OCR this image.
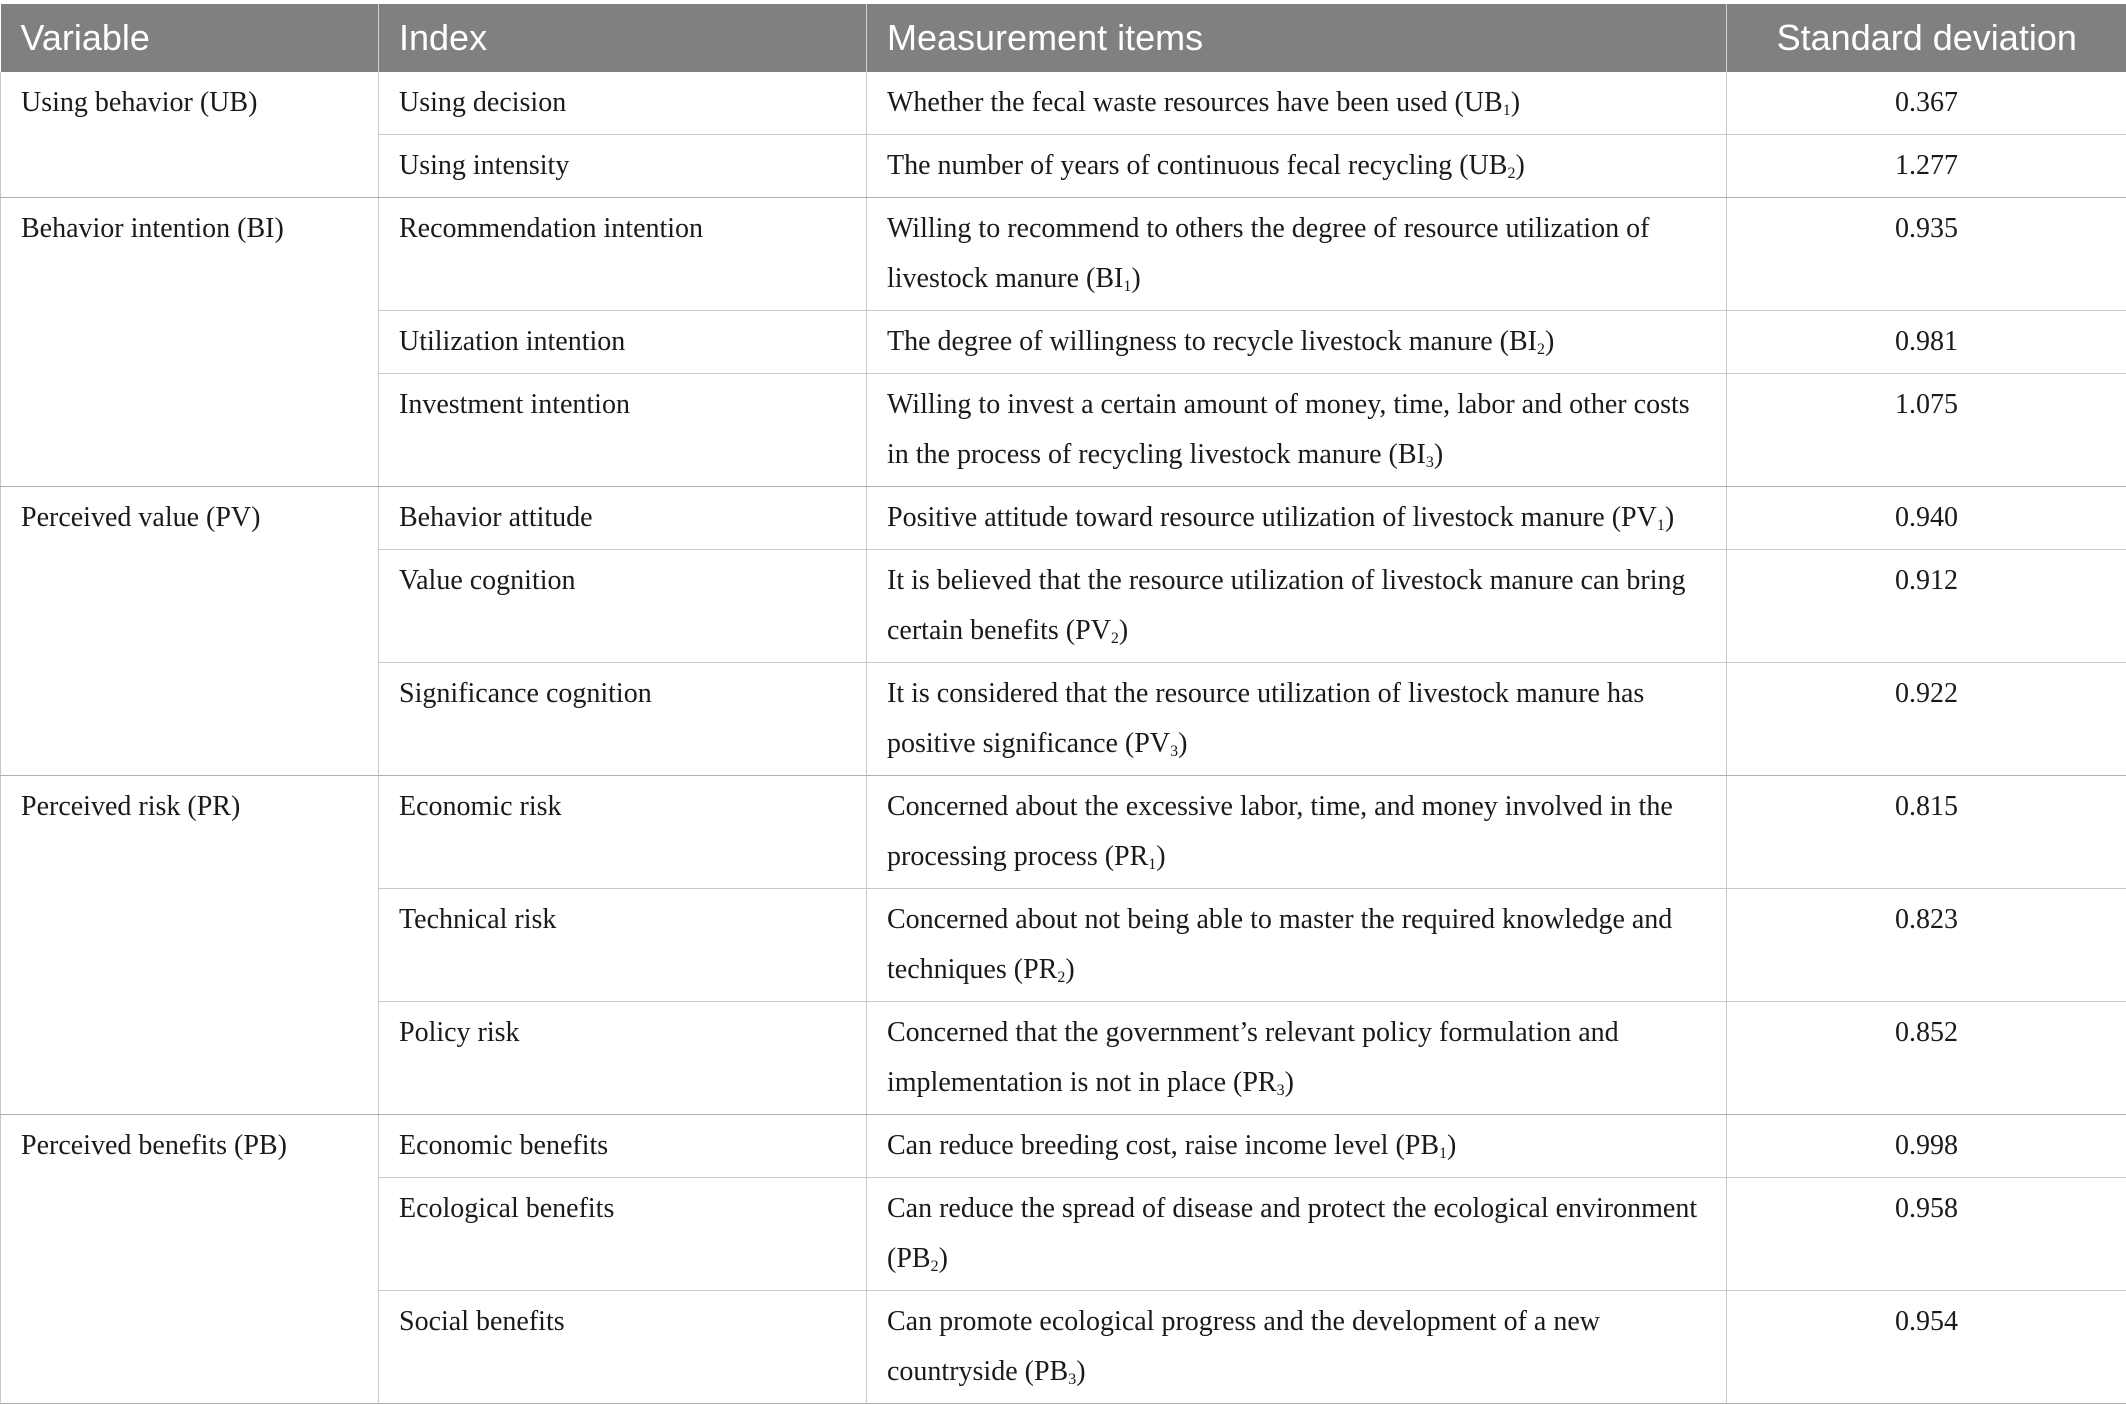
Variable	Index	Measurement items	Standard deviation
Using behavior (UB)	Using decision	Whether the fecal waste resources have been used $(UB_1)$	0.367
	Using intensity	The number of years of continuous fecal recycling $(UB_2)$	1.277
Behavior intention (BI)	Recommendation intention	Willing to recommend to others the degree of resource utilization of livestock manure $(BI_1)$	0.935
	Utilization intention	The degree of willingness to recycle livestock manure $(BI_2)$	0.981
	Investment intention	Willing to invest a certain amount of money, time, labor and other costs in the process of recycling livestock manure $(BI_3)$	1.075
Perceived value (PV)	Behavior attitude	Positive attitude toward resource utilization of livestock manure $(PV_1)$	0.940
	Value cognition	It is believed that the resource utilization of livestock manure can bring certain benefits $(PV_2)$	0.912
	Significance cognition	It is considered that the resource utilization of livestock manure has positive significance $(PV_3)$	0.922
Perceived risk (PR)	Economic risk	Concerned about the excessive labor, time, and money involved in the processing process $(PR_1)$	0.815
	Technical risk	Concerned about not being able to master the required knowledge and techniques $(PR_2)$	0.823
	Policy risk	Concerned that the government’s relevant policy formulation and implementation is not in place $(PR_3)$	0.852
Perceived benefits (PB)	Economic benefits	Can reduce breeding cost, raise income level $(PB_1)$	0.998
	Ecological benefits	Can reduce the spread of disease and protect the ecological environment $(PB_2)$	0.958
	Social benefits	Can promote ecological progress and the development of a new countryside $(PB_3)$	0.954
